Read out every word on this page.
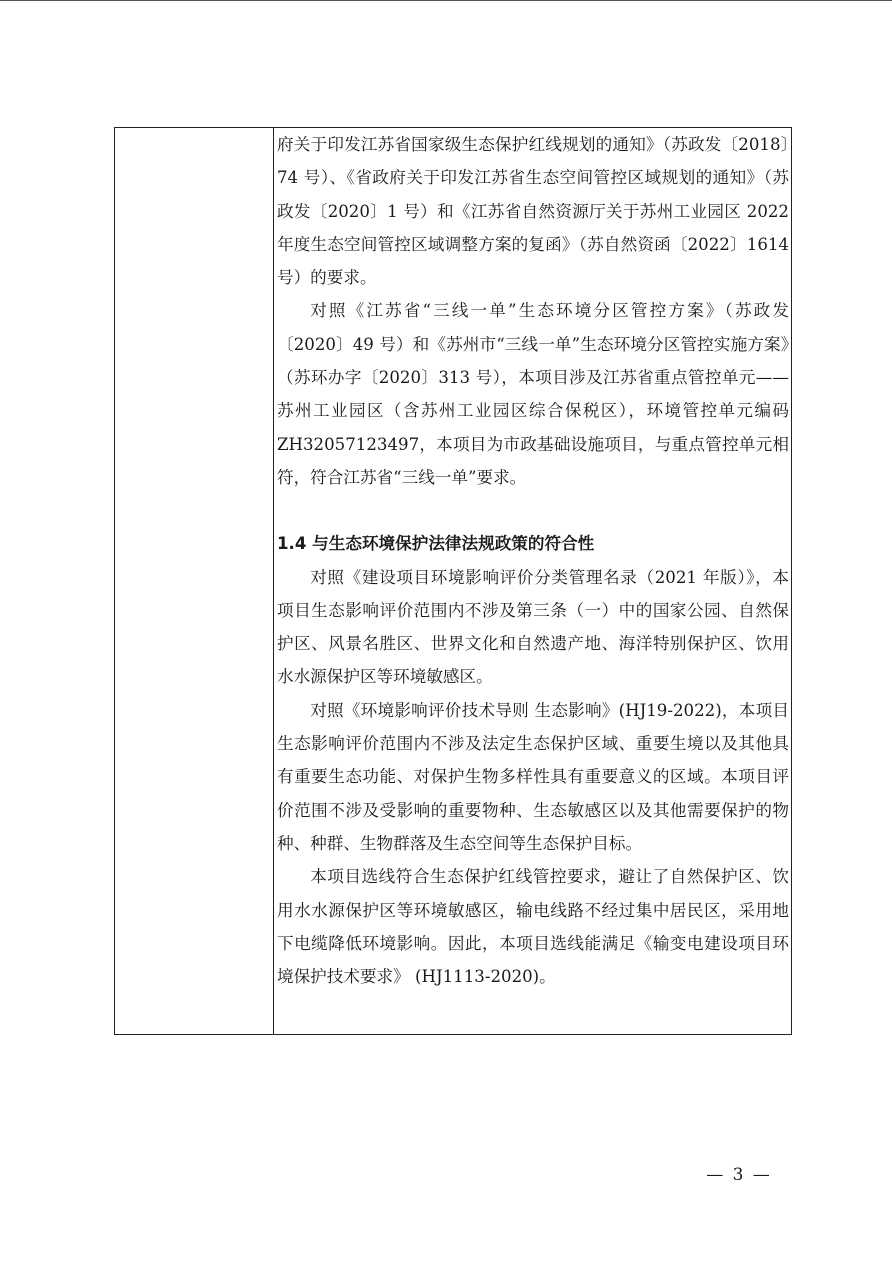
府关于印发江苏省国家级生态保护红线规划的通知》（苏政发〔2018〕74 号）、《省政府关于印发江苏省生态空间管控区域规划的通知》（苏政发〔2020〕1 号）和《江苏省自然资源厅关于苏州工业园区 2022 年度生态空间管控区域调整方案的复函》（苏自然资函〔2022〕1614 号）的要求。

对照《江苏省“三线一单”生态环境分区管控方案》（苏政发〔2020〕49 号）和《苏州市“三线一单”生态环境分区管控实施方案》（苏环办字〔2020〕313 号），本项目涉及江苏省重点管控单元——苏州工业园区（含苏州工业园区综合保税区），环境管控单元编码 ZH32057123497，本项目为市政基础设施项目，与重点管控单元相符，符合江苏省“三线一单”要求。

1.4 与生态环境保护法律法规政策的符合性

对照《建设项目环境影响评价分类管理名录（2021 年版）》，本项目生态影响评价范围内不涉及第三条（一）中的国家公园、自然保护区、风景名胜区、世界文化和自然遗产地、海洋特别保护区、饮用水水源保护区等环境敏感区。

对照《环境影响评价技术导则 生态影响》(HJ19-2022)，本项目生态影响评价范围内不涉及法定生态保护区域、重要生境以及其他具有重要生态功能、对保护生物多样性具有重要意义的区域。本项目评价范围不涉及受影响的重要物种、生态敏感区以及其他需要保护的物种、种群、生物群落及生态空间等生态保护目标。

本项目选线符合生态保护红线管控要求，避让了自然保护区、饮用水水源保护区等环境敏感区，输电线路不经过集中居民区，采用地下电缆降低环境影响。因此，本项目选线能满足《输变电建设项目环境保护技术要求》 (HJ1113-2020)。

— 3 —
